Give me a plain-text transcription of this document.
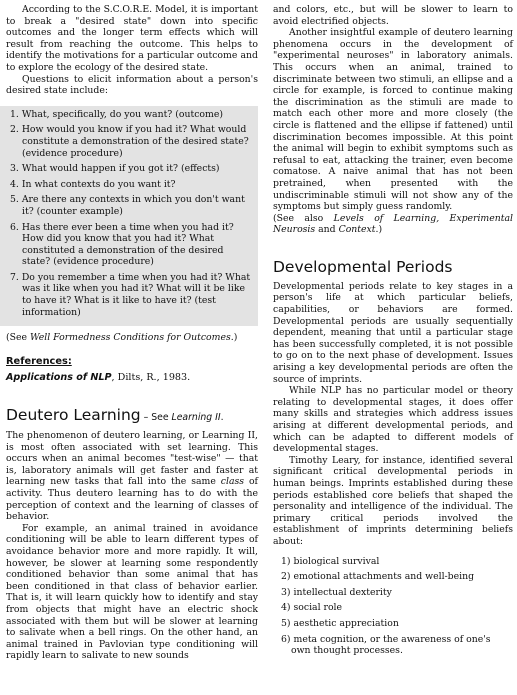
According to the S.C.O.R.E. Model, it is important to break a "desired state" down into specific outcomes and the longer term effects which will result from reaching the outcome. This helps to identify the motivations for a particular outcome and to explore the ecology of the desired state.

Questions to elicit information about a person's desired state include:

1. What, specifically, do you want? (outcome)
2. How would you know if you had it? What would constitute a demonstration of the desired state? (evidence procedure)
3. What would happen if you got it? (effects)
4. In what contexts do you want it?
5. Are there any contexts in which you don't want it? (counter example)
6. Has there ever been a time when you had it? How did you know that you had it? What constituted a demonstration of the desired state? (evidence procedure)
7. Do you remember a time when you had it? What was it like when you had it? What will it be like to have it? What is it like to have it? (test information)

(See Well Formedness Conditions for Outcomes.)

References:

Applications of NLP, Dilts, R., 1983.

Deutero Learning – See Learning II.

The phenomenon of deutero learning, or Learning II, is most often associated with set learning. This occurs when an animal becomes "test-wise" — that is, laboratory animals will get faster and faster at learning new tasks that fall into the same class of activity. Thus deutero learning has to do with the perception of context and the learning of classes of behavior.

For example, an animal trained in avoidance conditioning will be able to learn different types of avoidance behavior more and more rapidly. It will, however, be slower at learning some respondently conditioned behavior than some animal that has been conditioned in that class of behavior earlier. That is, it will learn quickly how to identify and stay from objects that might have an electric shock associated with them but will be slower at learning to salivate when a bell rings. On the other hand, an animal trained in Pavlovian type conditioning will rapidly learn to salivate to new sounds

and colors, etc., but will be slower to learn to avoid electrified objects.

Another insightful example of deutero learning phenomena occurs in the development of "experimental neuroses" in laboratory animals. This occurs when an animal, trained to discriminate between two stimuli, an ellipse and a circle for example, is forced to continue making the discrimination as the stimuli are made to match each other more and more closely (the circle is flattened and the ellipse if fattened) until discrimination becomes impossible. At this point the animal will begin to exhibit symptoms such as refusal to eat, attacking the trainer, even become comatose. A naive animal that has not been pretrained, when presented with the undiscriminable stimuli will not show any of the symptoms but simply guess randomly.

(See also Levels of Learning, Experimental Neurosis and Context.)

Developmental Periods

Developmental periods relate to key stages in a person's life at which particular beliefs, capabilities, or behaviors are formed. Developmental periods are usually sequentially dependent, meaning that until a particular stage has been successfully completed, it is not possible to go on to the next phase of development. Issues arising a key developmental periods are often the source of imprints.

While NLP has no particular model or theory relating to developmental stages, it does offer many skills and strategies which address issues arising at different developmental periods, and which can be adapted to different models of developmental stages.

Timothy Leary, for instance, identified several significant critical developmental periods in human beings. Imprints established during these periods established core beliefs that shaped the personality and intelligence of the individual. The primary critical periods involved the establishment of imprints determining beliefs about:

1) biological survival
2) emotional attachments and well-being
3) intellectual dexterity
4) social role
5) aesthetic appreciation
6) meta cognition, or the awareness of one's own thought processes.
